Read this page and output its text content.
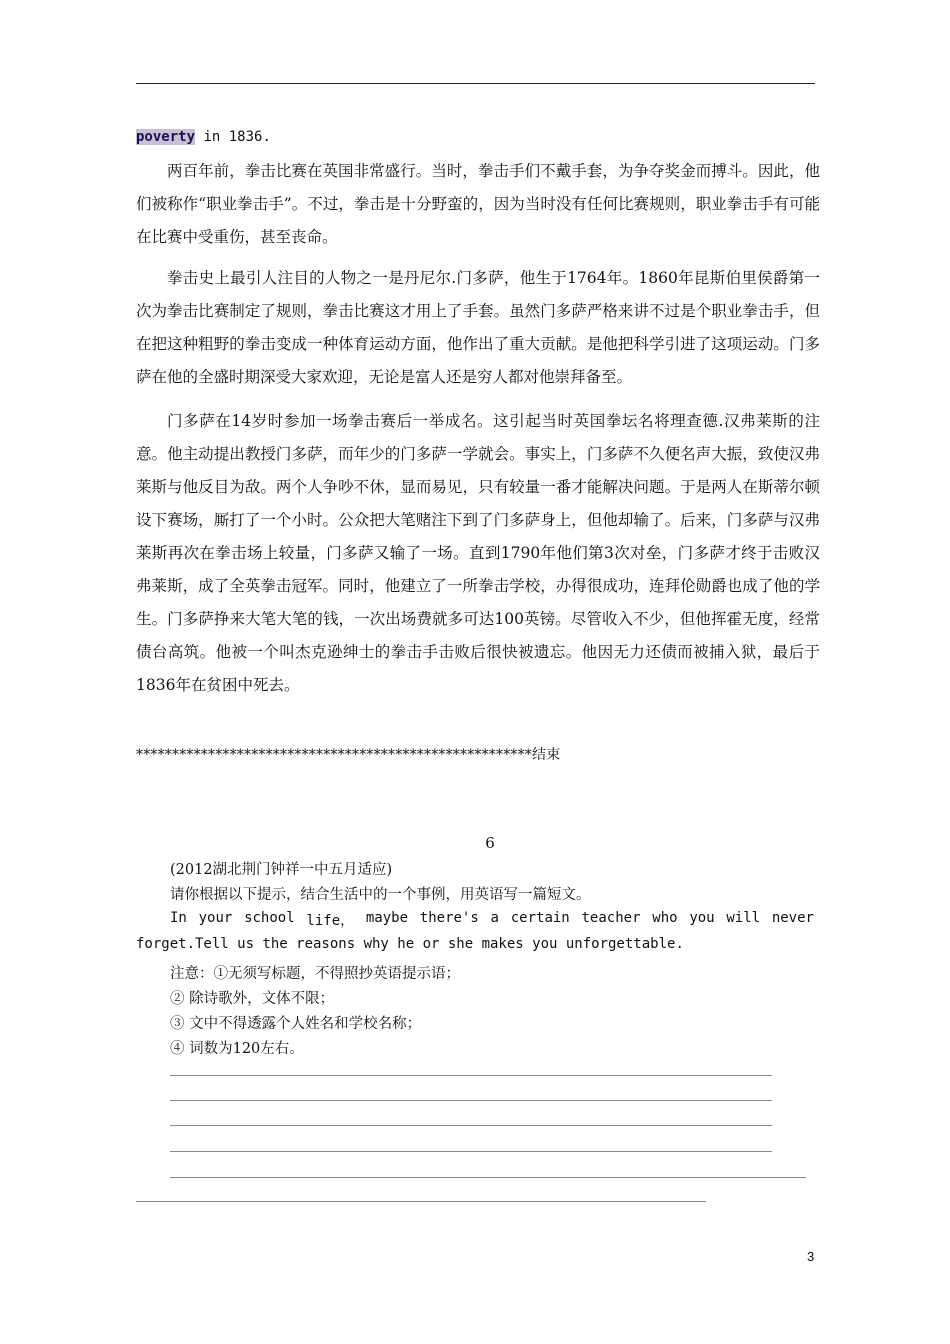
poverty in 1836.

两百年前，拳击比赛在英国非常盛行。当时，拳击手们不戴手套，为争夺奖金而搏斗。因此，他们被称作“职业拳击手”。不过，拳击是十分野蛮的，因为当时没有任何比赛规则，职业拳击手有可能在比赛中受重伤，甚至丧命。

拳击史上最引人注目的人物之一是丹尼尔.门多萨，他生于1764年。1860年昆斯伯里侯爵第一次为拳击比赛制定了规则，拳击比赛这才用上了手套。虽然门多萨严格来讲不过是个职业拳击手，但在把这种粗野的拳击变成一种体育运动方面，他作出了重大贡献。是他把科学引进了这项运动。门多萨在他的全盛时期深受大家欢迎，无论是富人还是穷人都对他崇拜备至。

门多萨在14岁时参加一场拳击赛后一举成名。这引起当时英国拳坛名将理查德.汉弗莱斯的注意。他主动提出教授门多萨，而年少的门多萨一学就会。事实上，门多萨不久便名声大振，致使汉弗莱斯与他反目为敌。两个人争吵不休，显而易见，只有较量一番才能解决问题。于是两人在斯蒂尔顿设下赛场，厮打了一个小时。公众把大笔赌注下到了门多萨身上，但他却输了。后来，门多萨与汉弗莱斯再次在拳击场上较量，门多萨又输了一场。直到1790年他们第3次对垒，门多萨才终于击败汉弗莱斯，成了全英拳击冠军。同时，他建立了一所拳击学校，办得很成功，连拜伦勋爵也成了他的学生。门多萨挣来大笔大笔的钱，一次出场费就多可达100英镑。尽管收入不少，但他挥霍无度，经常债台高筑。他被一个叫杰克逊绅士的拳击手击败后很快被遗忘。他因无力还债而被捕入狱，最后于1836年在贫困中死去。

*******************************************************结束
6
(2012湖北荆门钟祥一中五月适应)
请你根据以下提示，结合生活中的一个事例，用英语写一篇短文。
In your school life， maybe there's a certain teacher who you will never
forget.Tell us the reasons why he or she makes you unforgettable.
注意：①无须写标题，不得照抄英语提示语；
② 除诗歌外，文体不限；
③ 文中不得透露个人姓名和学校名称；
④ 词数为120左右。
3
